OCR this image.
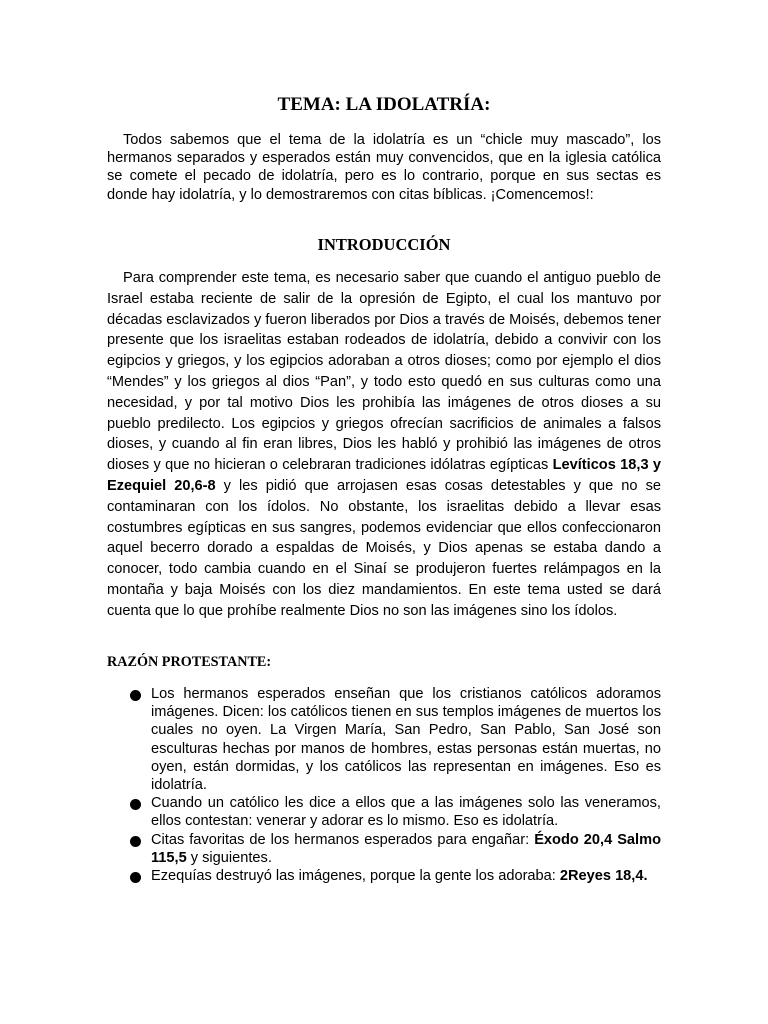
TEMA: LA IDOLATRÍA:

Todos sabemos que el tema de la idolatría es un “chicle muy mascado”, los hermanos separados y esperados están muy convencidos, que en la iglesia católica se comete el pecado de idolatría, pero es lo contrario, porque en sus sectas es donde hay idolatría, y lo demostraremos con citas bíblicas. ¡Comencemos!:

INTRODUCCIÓN

Para comprender este tema, es necesario saber que cuando el antiguo pueblo de Israel estaba reciente de salir de la opresión de Egipto, el cual los mantuvo por décadas esclavizados y fueron liberados por Dios a través de Moisés, debemos tener presente que los israelitas estaban rodeados de idolatría, debido a convivir con los egipcios y griegos, y los egipcios adoraban a otros dioses; como por ejemplo el dios “Mendes” y los griegos al dios “Pan”, y todo esto quedó en sus culturas como una necesidad, y por tal motivo Dios les prohibía las imágenes de otros dioses a su pueblo predilecto. Los egipcios y griegos ofrecían sacrificios de animales a falsos dioses, y cuando al fin eran libres, Dios les habló y prohibió las imágenes de otros dioses y que no hicieran o celebraran tradiciones idólatras egípticas Levíticos 18,3 y Ezequiel 20,6-8 y les pidió que arrojasen esas cosas detestables y que no se contaminaran con los ídolos. No obstante, los israelitas debido a llevar esas costumbres egípticas en sus sangres, podemos evidenciar que ellos confeccionaron aquel becerro dorado a espaldas de Moisés, y Dios apenas se estaba dando a conocer, todo cambia cuando en el Sinaí se produjeron fuertes relámpagos en la montaña y baja Moisés con los diez mandamientos. En este tema usted se dará cuenta que lo que prohíbe realmente Dios no son las imágenes sino los ídolos.

RAZÓN PROTESTANTE:
Los hermanos esperados enseñan que los cristianos católicos adoramos imágenes. Dicen: los católicos tienen en sus templos imágenes de muertos los cuales no oyen. La Virgen María, San Pedro, San Pablo, San José son esculturas hechas por manos de hombres, estas personas están muertas, no oyen, están dormidas, y los católicos las representan en imágenes. Eso es idolatría.
Cuando un católico les dice a ellos que a las imágenes solo las veneramos, ellos contestan: venerar y adorar es lo mismo. Eso es idolatría.
Citas favoritas de los hermanos esperados para engañar: Éxodo 20,4 Salmo 115,5 y siguientes.
Ezequías destruyó las imágenes, porque la gente los adoraba: 2Reyes 18,4.
